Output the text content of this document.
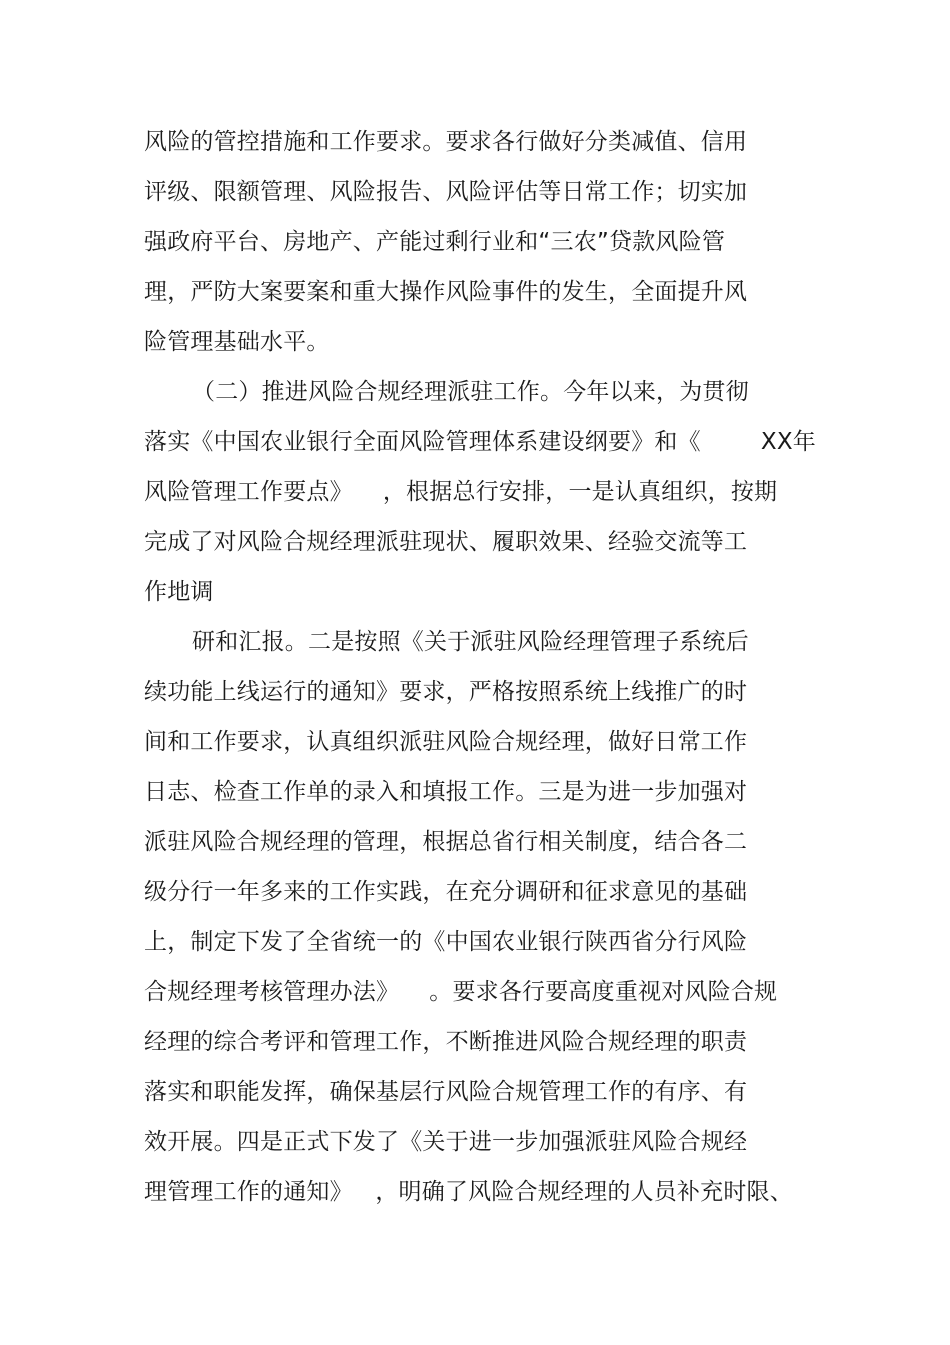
风险的管控措施和工作要求。要求各行做好分类减值、信用
评级、限额管理、风险报告、风险评估等日常工作；切实加
强政府平台、房地产、产能过剩行业和“三农”贷款风险管
理，严防大案要案和重大操作风险事件的发生，全面提升风
险管理基础水平。
（二）推进风险合规经理派驻工作。今年以来，为贯彻
落实《中国农业银行全面风险管理体系建设纲要》和《        XX年
风险管理工作要点》    ，根据总行安排，一是认真组织，按期
完成了对风险合规经理派驻现状、履职效果、经验交流等工
作地调
研和汇报。二是按照《关于派驻风险经理管理子系统后
续功能上线运行的通知》要求，严格按照系统上线推广的时
间和工作要求，认真组织派驻风险合规经理，做好日常工作
日志、检查工作单的录入和填报工作。三是为进一步加强对
派驻风险合规经理的管理，根据总省行相关制度，结合各二
级分行一年多来的工作实践，在充分调研和征求意见的基础
上，制定下发了全省统一的《中国农业银行陕西省分行风险
合规经理考核管理办法》    。要求各行要高度重视对风险合规
经理的综合考评和管理工作，不断推进风险合规经理的职责
落实和职能发挥，确保基层行风险合规管理工作的有序、有
效开展。四是正式下发了《关于进一步加强派驻风险合规经
理管理工作的通知》   ，明确了风险合规经理的人员补充时限、
